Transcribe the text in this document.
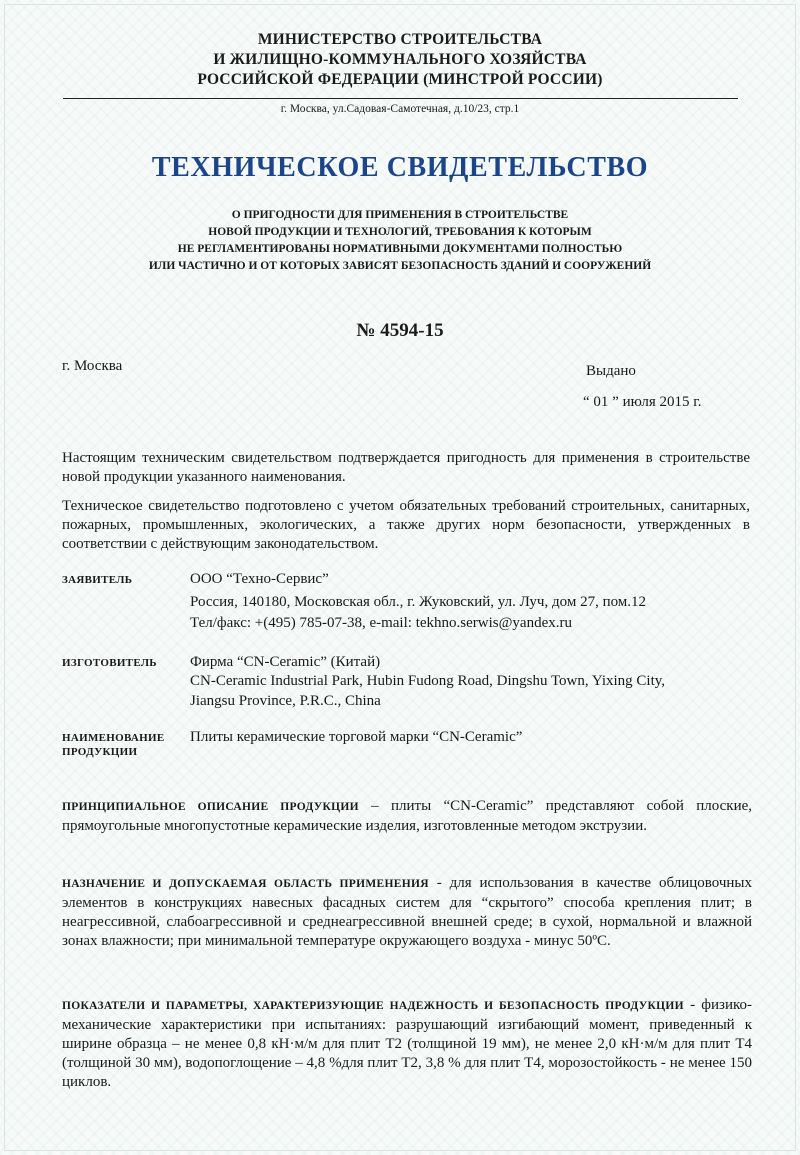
МИНИСТЕРСТВО СТРОИТЕЛЬСТВА
И ЖИЛИЩНО-КОММУНАЛЬНОГО ХОЗЯЙСТВА
РОССИЙСКОЙ ФЕДЕРАЦИИ (МИНСТРОЙ РОССИИ)
г. Москва, ул.Садовая-Самотечная, д.10/23, стр.1
ТЕХНИЧЕСКОЕ СВИДЕТЕЛЬСТВО
О ПРИГОДНОСТИ ДЛЯ ПРИМЕНЕНИЯ В СТРОИТЕЛЬСТВЕ
НОВОЙ ПРОДУКЦИИ И ТЕХНОЛОГИЙ, ТРЕБОВАНИЯ К КОТОРЫМ
НЕ РЕГЛАМЕНТИРОВАНЫ НОРМАТИВНЫМИ ДОКУМЕНТАМИ ПОЛНОСТЬЮ
ИЛИ ЧАСТИЧНО И ОТ КОТОРЫХ ЗАВИСЯТ БЕЗОПАСНОСТЬ ЗДАНИЙ И СООРУЖЕНИЙ
№ 4594-15
г. Москва	Выдано
“ 01 ” июля 2015 г.
Настоящим техническим свидетельством подтверждается пригодность для применения в строительстве новой продукции указанного наименования.
Техническое свидетельство подготовлено с учетом обязательных требований строительных, санитарных, пожарных, промышленных, экологических, а также других норм безопасности, утвержденных в соответствии с действующим законодательством.
ЗАЯВИТЕЛЬ	ООО “Техно-Сервис”
Россия, 140180, Московская обл., г. Жуковский, ул. Луч, дом 27, пом.12
Тел/факс: +(495) 785-07-38, e-mail: tekhno.serwis@yandex.ru
ИЗГОТОВИТЕЛЬ Фирма “CN-Ceramic” (Китай)
CN-Ceramic Industrial Park, Hubin Fudong Road, Dingshu Town, Yixing City,
Jiangsu Province, P.R.C., China
НАИМЕНОВАНИЕ
ПРОДУКЦИИ
Плиты керамические торговой марки “CN-Ceramic”
ПРИНЦИПИАЛЬНОЕ ОПИСАНИЕ ПРОДУКЦИИ – плиты “CN-Ceramic” представляют собой плоские, прямоугольные многопустотные керамические изделия, изготовленные методом экструзии.
НАЗНАЧЕНИЕ И ДОПУСКАЕМАЯ ОБЛАСТЬ ПРИМЕНЕНИЯ - для использования в качестве облицовочных элементов в конструкциях навесных фасадных систем для “скрытого” способа крепления плит; в неагрессивной, слабоагрессивной и среднеагрессивной внешней среде; в сухой, нормальной и влажной зонах влажности; при минимальной температуре окружающего воздуха - минус 50ºС.
ПОКАЗАТЕЛИ И ПАРАМЕТРЫ, ХАРАКТЕРИЗУЮЩИЕ НАДЕЖНОСТЬ И БЕЗОПАСНОСТЬ ПРОДУКЦИИ - физико-механические характеристики при испытаниях: разрушающий изгибающий момент, приведенный к ширине образца – не менее 0,8 кН·м/м для плит Т2 (толщиной 19 мм), не менее 2,0 кН·м/м для плит Т4 (толщиной 30 мм), водопоглощение – 4,8 %для плит Т2, 3,8 % для плит Т4, морозостойкость - не менее 150 циклов.
